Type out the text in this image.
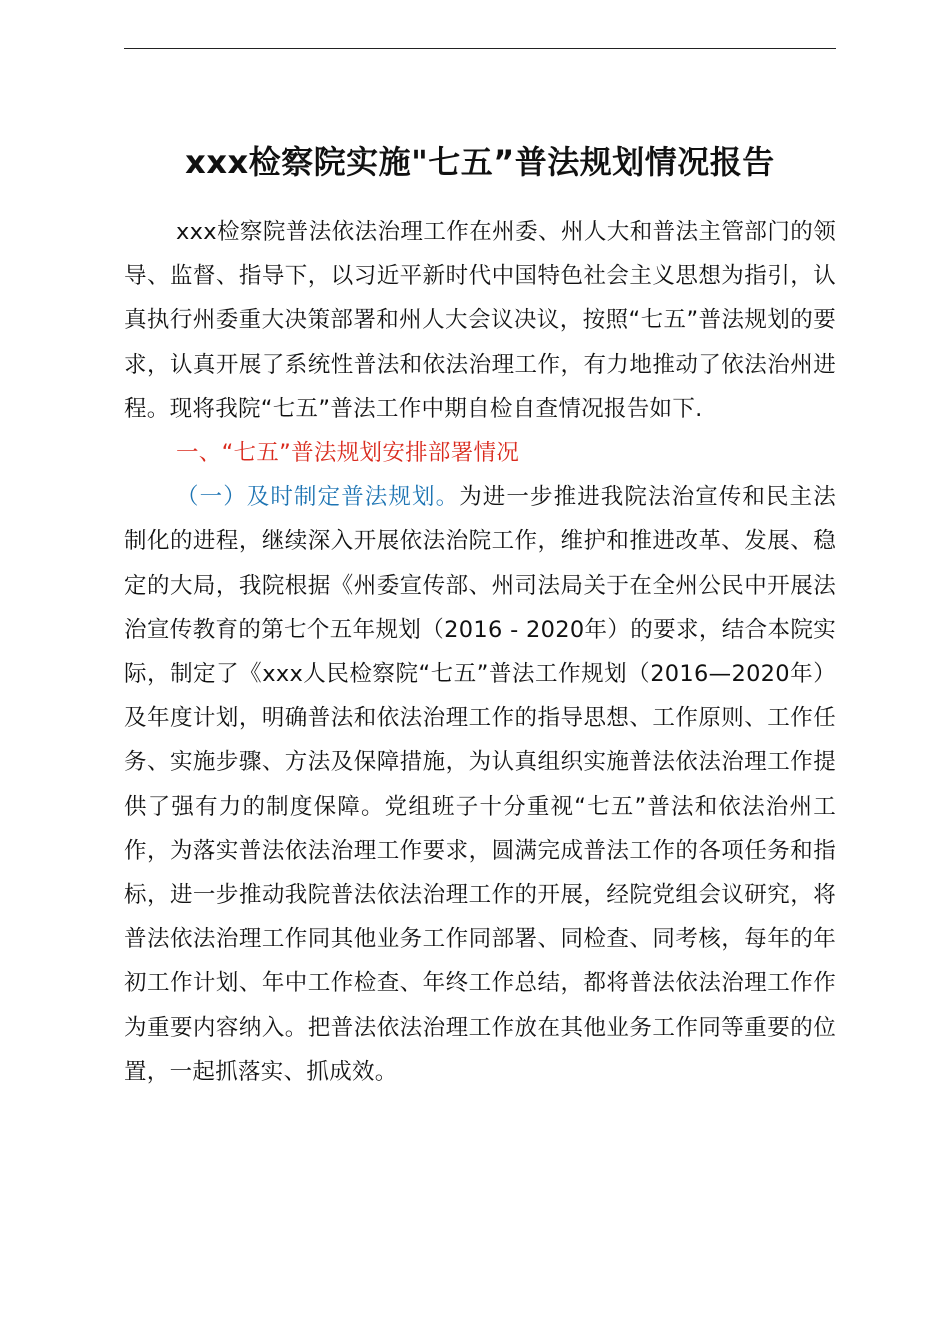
xxx检察院实施"七五”普法规划情况报告

xxx检察院普法依法治理工作在州委、州人大和普法主管部门的领导、监督、指导下，以习近平新时代中国特色社会主义思想为指引，认真执行州委重大决策部署和州人大会议决议，按照“七五”普法规划的要求，认真开展了系统性普法和依法治理工作，有力地推动了依法治州进程。现将我院“七五”普法工作中期自检自查情况报告如下.

一、“七五”普法规划安排部署情况

（一）及时制定普法规划。为进一步推进我院法治宣传和民主法制化的进程，继续深入开展依法治院工作，维护和推进改革、发展、稳定的大局，我院根据《州委宣传部、州司法局关于在全州公民中开展法治宣传教育的第七个五年规划（2016 - 2020年）的要求，结合本院实际，制定了《xxx人民检察院“七五”普法工作规划（2016—2020年）及年度计划，明确普法和依法治理工作的指导思想、工作原则、工作任务、实施步骤、方法及保障措施，为认真组织实施普法依法治理工作提供了强有力的制度保障。党组班子十分重视“七五”普法和依法治州工作，为落实普法依法治理工作要求，圆满完成普法工作的各项任务和指标，进一步推动我院普法依法治理工作的开展，经院党组会议研究，将普法依法治理工作同其他业务工作同部署、同检查、同考核，每年的年初工作计划、年中工作检查、年终工作总结，都将普法依法治理工作作为重要内容纳入。把普法依法治理工作放在其他业务工作同等重要的位置，一起抓落实、抓成效。
